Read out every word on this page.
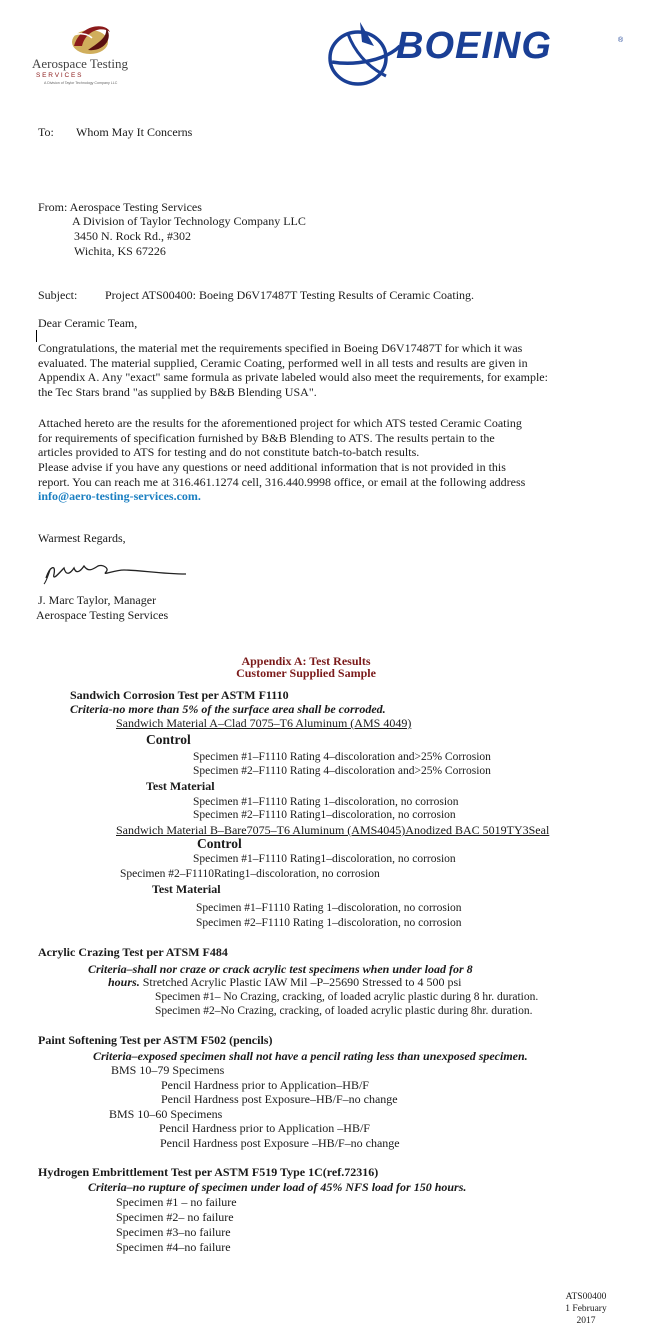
Aerospace Testing
S E R V I C E S
A Division of Taylor Technology Company LLC
BOEING	®
To: Whom May It Concerns
From: Aerospace Testing Services
A Division of Taylor Technology Company LLC
3450 N. Rock Rd., #302
Wichita, KS 67226
Subject: Project ATS00400: Boeing D6V17487T Testing Results of Ceramic Coating.
Dear Ceramic Team,
Congratulations, the material met the requirements specified in Boeing D6V17487T for which it was
evaluated. The material supplied, Ceramic Coating, performed well in all tests and results are given in
Appendix A. Any "exact" same formula as private labeled would also meet the requirements, for example:
the Tec Stars brand "as supplied by B&B Blending USA".
Attached hereto are the results for the aforementioned project for which ATS tested Ceramic Coating
for requirements of specification furnished by B&B Blending to ATS. The results pertain to the
articles provided to ATS for testing and do not constitute batch-to-batch results.
Please advise if you have any questions or need additional information that is not provided in this
report. You can reach me at 316.461.1274 cell, 316.440.9998 office, or email at the following address
info@aero-testing-services.com.
Warmest Regards,
J. Marc Taylor, Manager
Aerospace Testing Services
Appendix A: Test Results
Customer Supplied Sample
Sandwich Corrosion Test per ASTM F1110
Criteria-no more than 5% of the surface area shall be corroded.
Sandwich Material A–Clad 7075–T6 Aluminum (AMS 4049)
Control
Specimen #1–F1110 Rating 4–discoloration and>25% Corrosion
Specimen #2–F1110 Rating 4–discoloration and>25% Corrosion
Test Material
Specimen #1–F1110 Rating 1–discoloration, no corrosion
Specimen #2–F1110 Rating1–discoloration, no corrosion
Sandwich Material B–Bare7075–T6 Aluminum (AMS4045)Anodized BAC 5019TY3Seal
Control
Specimen #1–F1110 Rating1–discoloration, no corrosion
Specimen #2–F1110Rating1–discoloration, no corrosion
Test Material
Specimen #1–F1110 Rating 1–discoloration, no corrosion
Specimen #2–F1110 Rating 1–discoloration, no corrosion
Acrylic Crazing Test per ATSM F484
Criteria–shall nor craze or crack acrylic test specimens when under load for 8
hours. Stretched Acrylic Plastic IAW Mil –P–25690 Stressed to 4 500 psi
Specimen #1– No Crazing, cracking, of loaded acrylic plastic during 8 hr. duration.
Specimen #2–No Crazing, cracking, of loaded acrylic plastic during 8hr. duration.
Paint Softening Test per ASTM F502 (pencils)
Criteria–exposed specimen shall not have a pencil rating less than unexposed specimen.
BMS 10–79 Specimens
Pencil Hardness prior to Application–HB/F
Pencil Hardness post Exposure–HB/F–no change
BMS 10–60 Specimens
Pencil Hardness prior to Application –HB/F
Pencil Hardness post Exposure –HB/F–no change
Hydrogen Embrittlement Test per ASTM F519 Type 1C(ref.72316)
Criteria–no rupture of specimen under load of 45% NFS load for 150 hours.
Specimen #1 – no failure
Specimen #2– no failure
Specimen #3–no failure
Specimen #4–no failure
ATS00400
1 February
2017
